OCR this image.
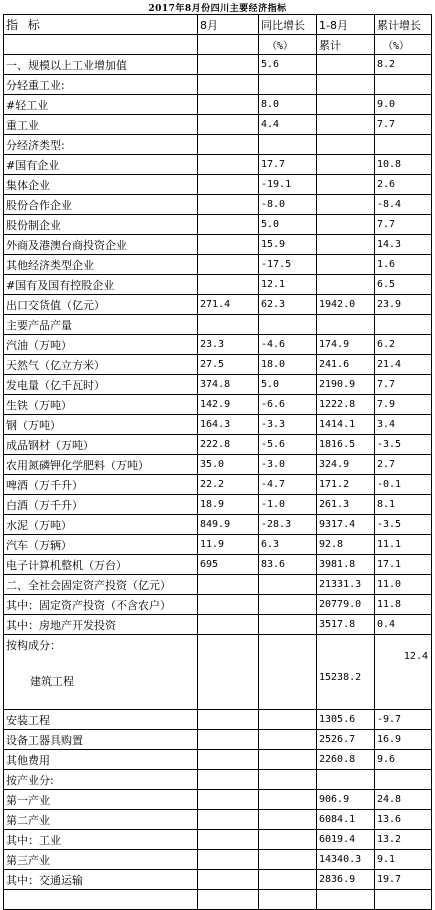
2017年8月份四川主要经济指标
指 标	8月	同比增长	1-8月	累计增长
		（%）	累计	（%）
一、规模以上工业增加值		5.6		8.2
分轻重工业:				
#轻工业		8.0		9.0
重工业		4.4		7.7
分经济类型:				
#国有企业		17.7		10.8
集体企业		-19.1		2.6
股份合作企业		-8.0		-8.4
股份制企业		5.0		7.7
外商及港澳台商投资企业		15.9		14.3
其他经济类型企业		-17.5		1.6
#国有及国有控股企业		12.1		6.5
出口交货值（亿元）	271.4	62.3	1942.0	23.9
主要产品产量				
汽油（万吨）	23.3	-4.6	174.9	6.2
天然气（亿立方米）	27.5	18.0	241.6	21.4
发电量（亿千瓦时）	374.8	5.0	2190.9	7.7
生铁（万吨）	142.9	-6.6	1222.8	7.9
钢（万吨）	164.3	-3.3	1414.1	3.4
成品钢材（万吨）	222.8	-5.6	1816.5	-3.5
农用氮磷钾化学肥料（万吨）	35.0	-3.0	324.9	2.7
啤酒（万千升）	22.2	-4.7	171.2	-0.1
白酒（万千升）	18.9	-1.0	261.3	8.1
水泥（万吨）	849.9	-28.3	9317.4	-3.5
汽车（万辆）	11.9	6.3	92.8	11.1
电子计算机整机（万台）	695	83.6	3981.8	17.1
二、全社会固定资产投资（亿元）			21331.3	11.0
其中：固定资产投资（不含农户）			20779.0	11.8
其中：房地产开发投资			3517.8	0.4
按构成分：
建筑工程			15238.2	12.4
安装工程			1305.6	-9.7
设备工器具购置			2526.7	16.9
其他费用			2260.8	9.6
按产业分:				
第一产业			906.9	24.8
第二产业			6084.1	13.6
其中：工业			6019.4	13.2
第三产业			14340.3	9.1
其中：交通运输			2836.9	19.7
